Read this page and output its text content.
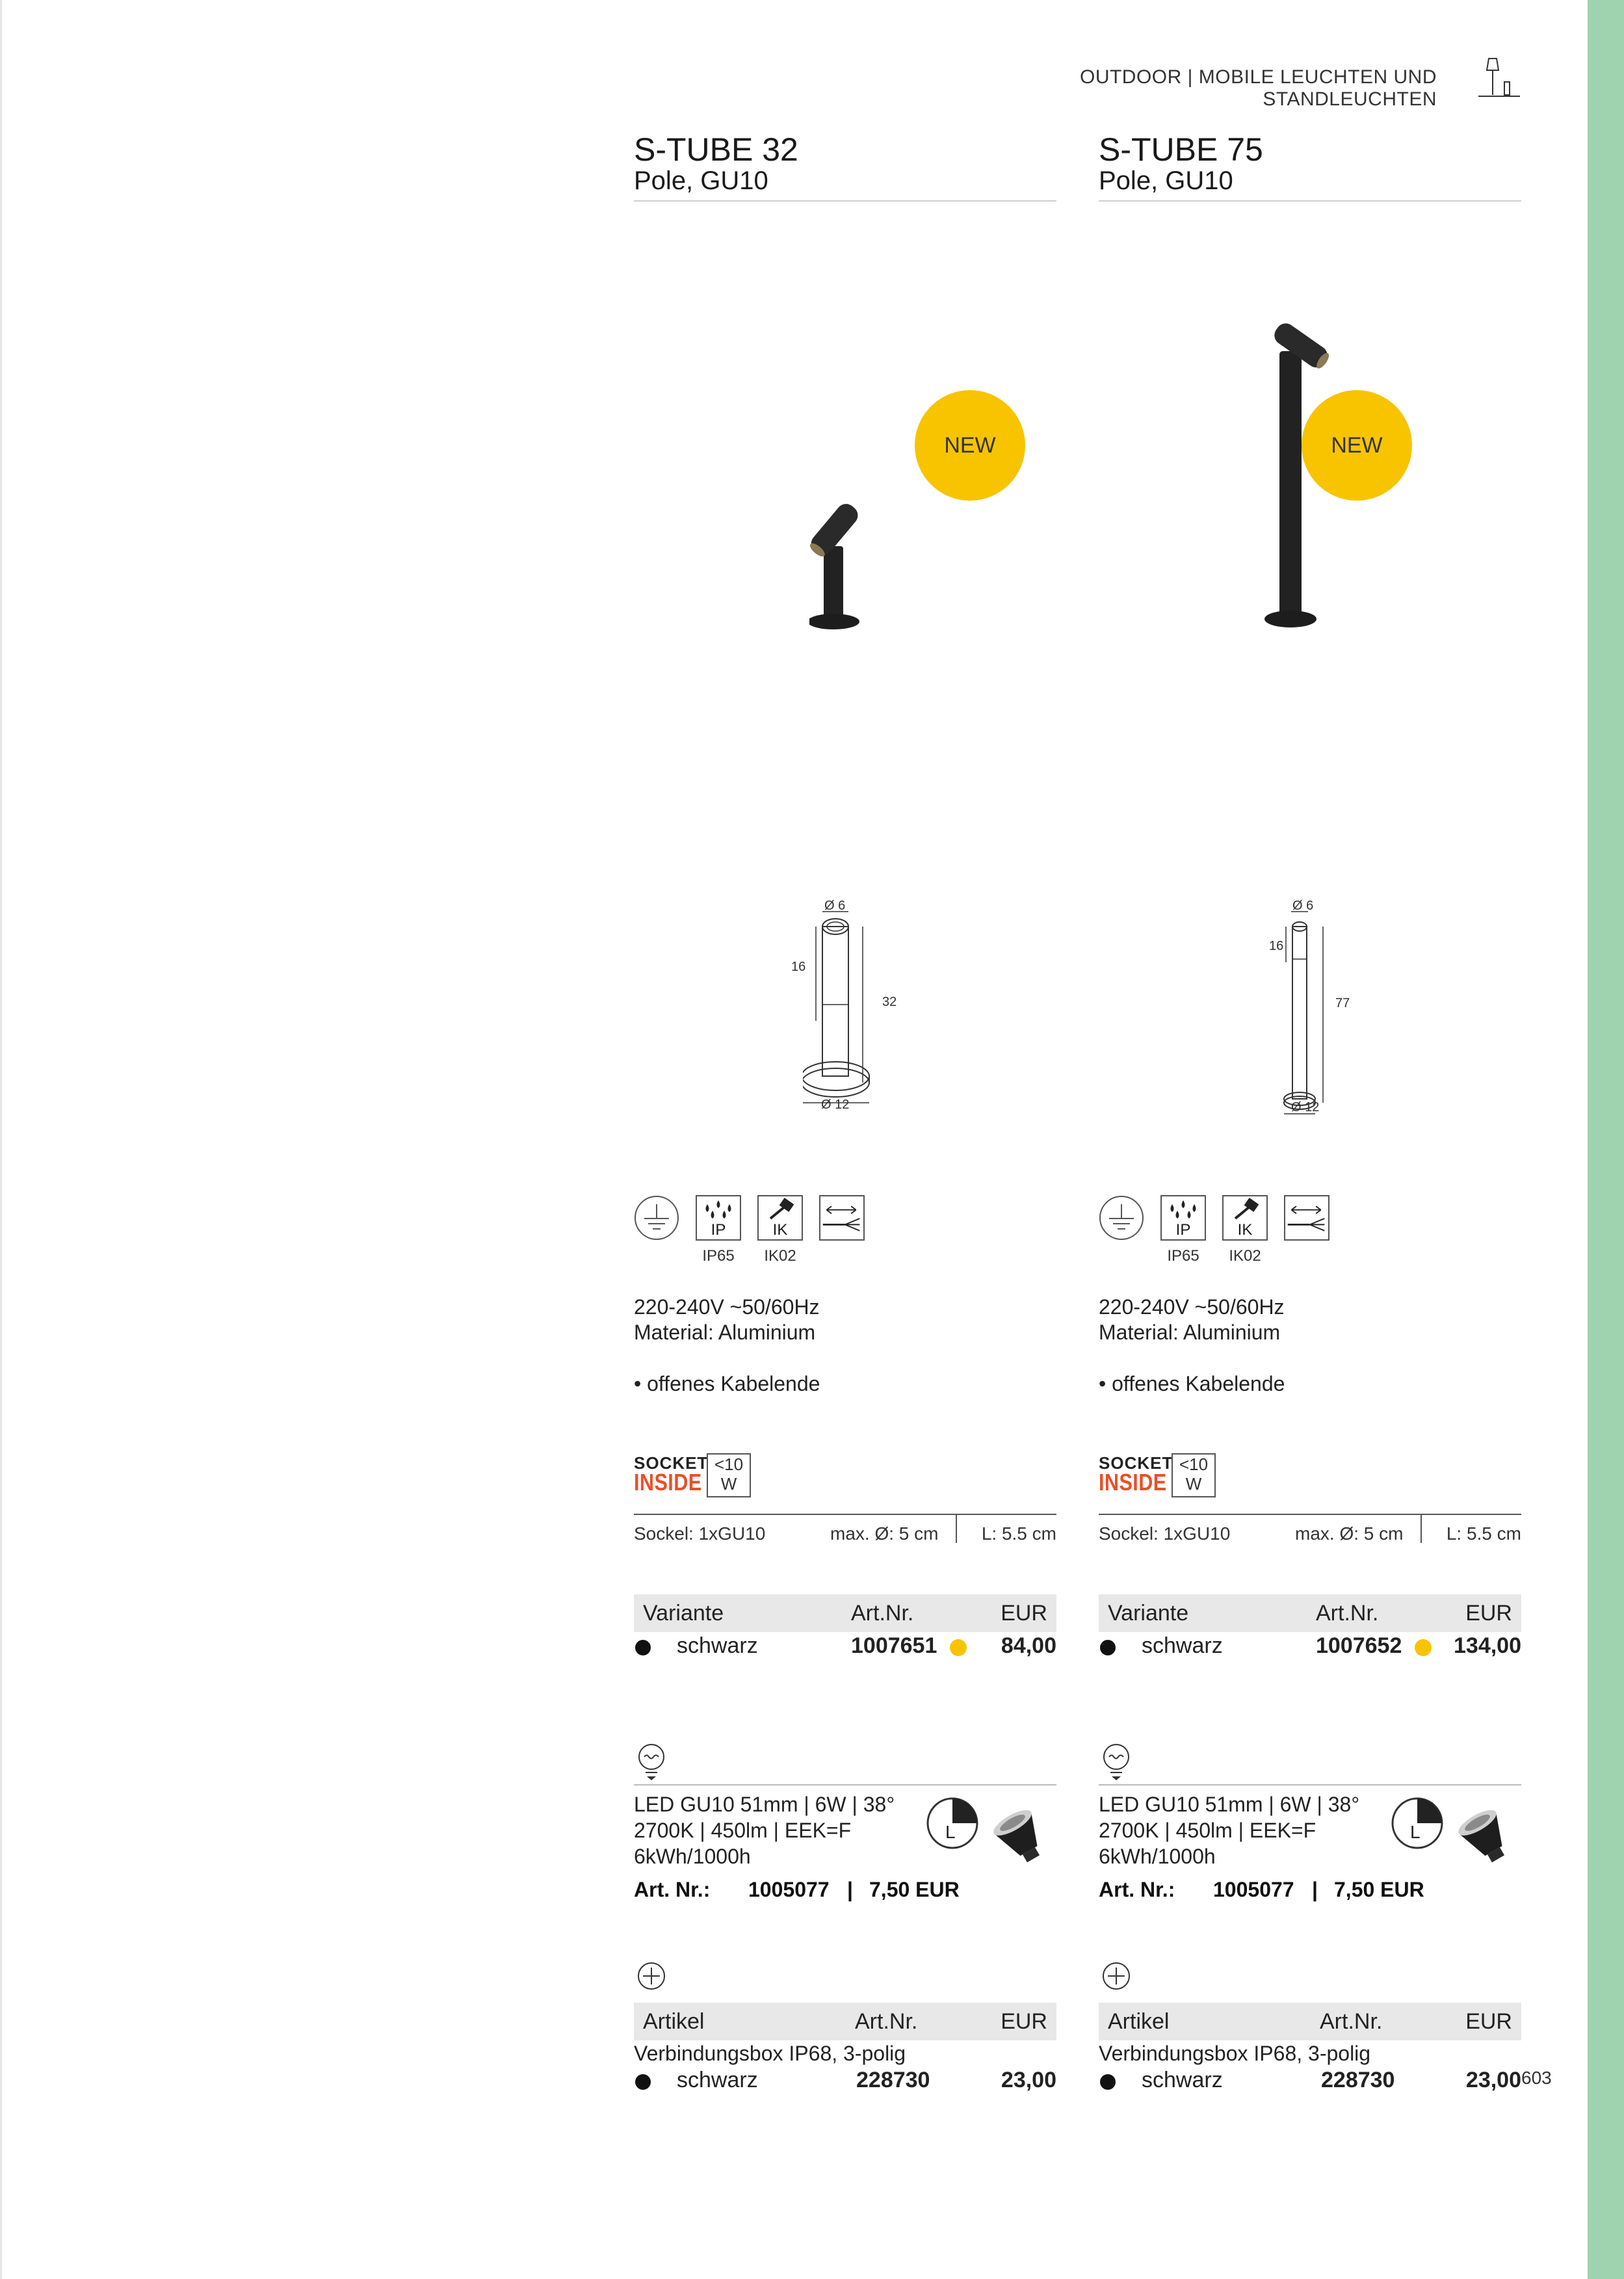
OUTDOOR | MOBILE LEUCHTEN UND STANDLEUCHTEN
S-TUBE 32
Pole, GU10
NEW
Ø 6
16
32
Ø 12
IP
IP65
IK
IK02
220-240V ~50/60Hz
Material: Aluminium
• offenes Kabelende
SOCKET
INSIDE
<10
W
Sockel: 1xGU10	max. Ø: 5 cm L: 5.5 cm
Variante	Art.Nr.	EUR
schwarz	1007651	84,00
LED GU10 51mm | 6W | 38°
2700K | 450lm | EEK=F
6kWh/1000h
L
Art. Nr.: 1005077 | 7,50 EUR
Artikel	Art.Nr.	EUR
Verbindungsbox IP68, 3-polig
schwarz	228730	23,00
S-TUBE 75
Pole, GU10
NEW
Ø 6
16
77
Ø 12
IP
IP65
IK
IK02
220-240V ~50/60Hz
Material: Aluminium
• offenes Kabelende
SOCKET
INSIDE
<10
W
Sockel: 1xGU10	max. Ø: 5 cm L: 5.5 cm
Variante	Art.Nr.	EUR
schwarz	1007652 134,00
LED GU10 51mm | 6W | 38°
2700K | 450lm | EEK=F
6kWh/1000h
L
Art. Nr.: 1005077 | 7,50 EUR
Artikel	Art.Nr.	EUR
Verbindungsbox IP68, 3-polig
schwarz	228730	23,00 603
